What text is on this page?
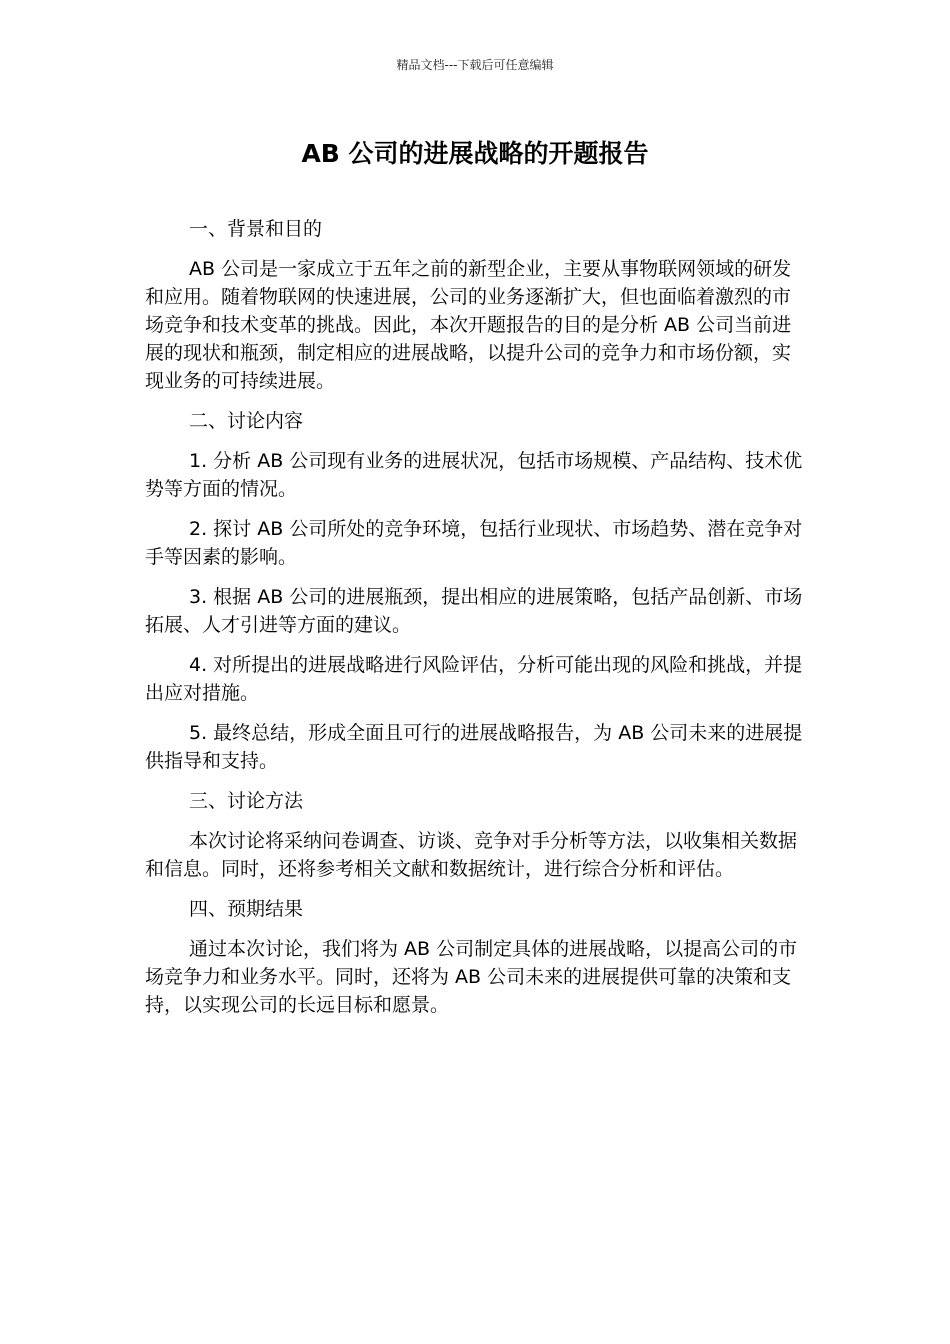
精品文档---下载后可任意编辑
AB 公司的进展战略的开题报告

一、背景和目的

AB 公司是一家成立于五年之前的新型企业，主要从事物联网领域的研发和应用。随着物联网的快速进展，公司的业务逐渐扩大，但也面临着激烈的市场竞争和技术变革的挑战。因此，本次开题报告的目的是分析 AB 公司当前进展的现状和瓶颈，制定相应的进展战略，以提升公司的竞争力和市场份额，实现业务的可持续进展。

二、讨论内容

1. 分析 AB 公司现有业务的进展状况，包括市场规模、产品结构、技术优势等方面的情况。

2. 探讨 AB 公司所处的竞争环境，包括行业现状、市场趋势、潜在竞争对手等因素的影响。

3. 根据 AB 公司的进展瓶颈，提出相应的进展策略，包括产品创新、市场拓展、人才引进等方面的建议。

4. 对所提出的进展战略进行风险评估，分析可能出现的风险和挑战，并提出应对措施。

5. 最终总结，形成全面且可行的进展战略报告，为 AB 公司未来的进展提供指导和支持。

三、讨论方法

本次讨论将采纳问卷调查、访谈、竞争对手分析等方法，以收集相关数据和信息。同时，还将参考相关文献和数据统计，进行综合分析和评估。

四、预期结果

通过本次讨论，我们将为 AB 公司制定具体的进展战略，以提高公司的市场竞争力和业务水平。同时，还将为 AB 公司未来的进展提供可靠的决策和支持，以实现公司的长远目标和愿景。
